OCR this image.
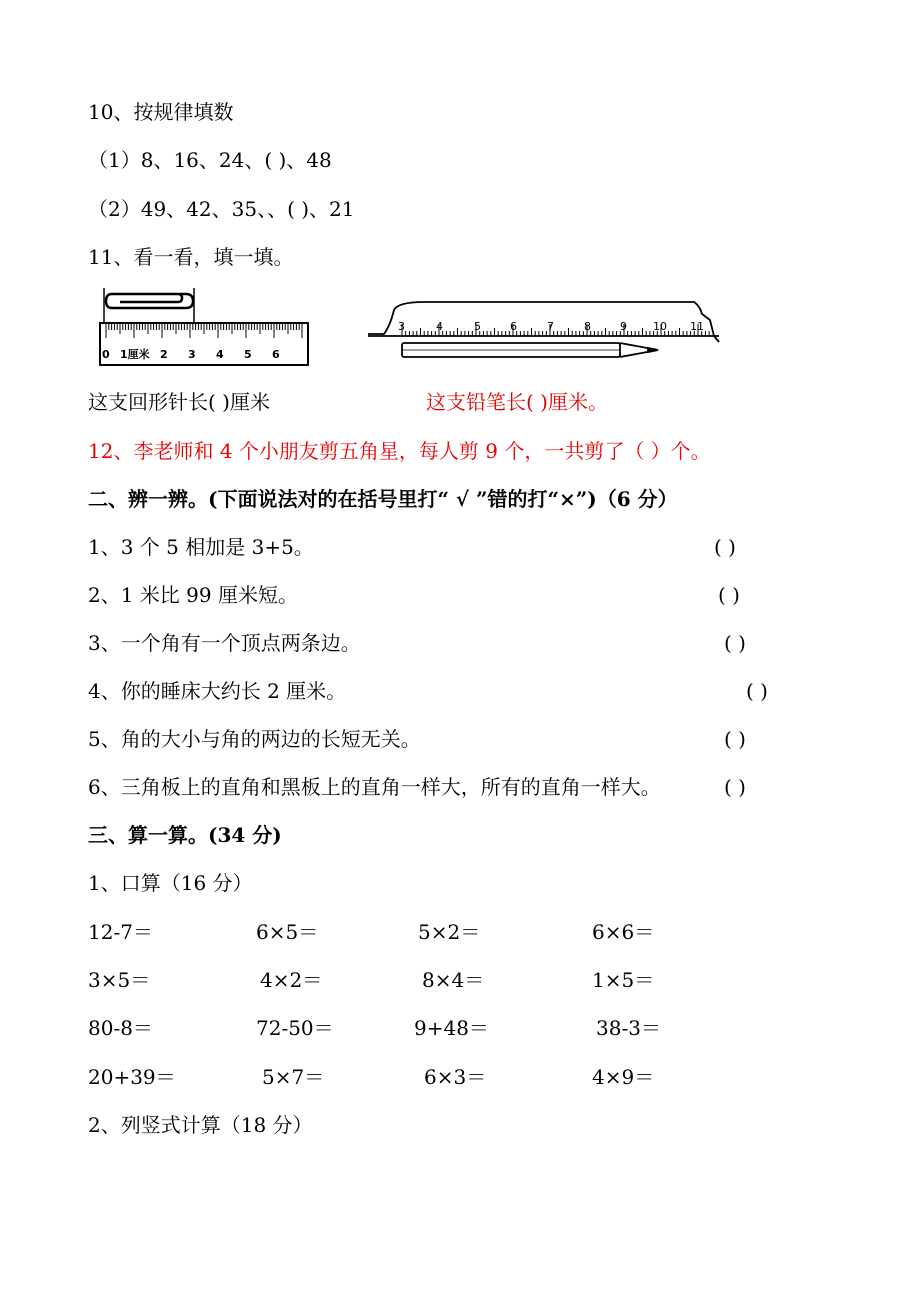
10、按规律填数
（1）8、16、24、( )、48
（2）49、42、35、、( )、21
11、看一看，填一填。
0 1厘米 2 3 4 5 6
3	4	5	6	7	8	9 10 11
这支回形针长( )厘米	这支铅笔长( )厘米。
12、李老师和 4 个小朋友剪五角星，每人剪 9 个，一共剪了（ ）个。
二、辨一辨。(下面说法对的在括号里打“ √ ”错的打“×”)（6 分）
1、3 个 5 相加是 3+5。	( )
2、1 米比 99 厘米短。	( )
3、一个角有一个顶点两条边。	( )
4、你的睡床大约长 2 厘米。	( )
5、角的大小与角的两边的长短无关。	( )
6、三角板上的直角和黑板上的直角一样大，所有的直角一样大。	( )
三、算一算。(34 分)
1、口算（16 分）
12-7＝	6×5＝	5×2＝	6×6＝
3×5＝	4×2＝	8×4＝	1×5＝
80-8＝	72-50＝	9+48＝	38-3＝
20+39＝	5×7＝	6×3＝	4×9＝
2、列竖式计算（18 分）
